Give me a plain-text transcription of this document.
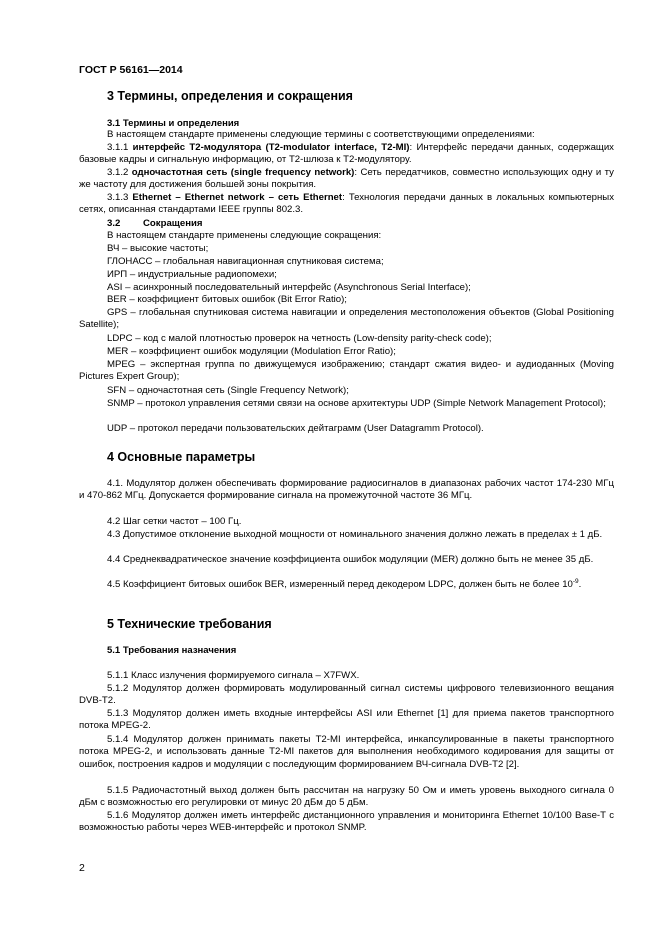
ГОСТ Р 56161—2014
3 Термины, определения и сокращения
3.1 Термины и определения
В настоящем стандарте применены следующие термины с соответствующими определениями:
3.1.1 интерфейс Т2-модулятора (T2-modulator interface, T2-MI): Интерфейс передачи данных, содержащих базовые кадры и сигнальную информацию, от Т2-шлюза к Т2-модулятору.
3.1.2 одночастотная сеть (single frequency network): Сеть передатчиков, совместно использующих одну и ту же частоту для достижения большей зоны покрытия.
3.1.3 Ethernet – Ethernet network – сеть Ethernet: Технология передачи данных в локальных компьютерных сетях, описанная стандартами IEEE группы 802.3.
3.2 Сокращения
В настоящем стандарте применены следующие сокращения:
ВЧ – высокие частоты;
ГЛОНАСС – глобальная навигационная спутниковая система;
ИРП – индустриальные радиопомехи;
ASI – асинхронный последовательный интерфейс (Asynchronous Serial Interface);
BER – коэффициент битовых ошибок (Bit Error Ratio);
GPS – глобальная спутниковая система навигации и определения местоположения объектов (Global Positioning Satellite);
LDPC – код с малой плотностью проверок на четность (Low-density parity-check code);
MER – коэффициент ошибок модуляции (Modulation Error Ratio);
MPEG – экспертная группа по движущемуся изображению; стандарт сжатия видео- и аудиоданных (Moving Pictures Expert Group);
SFN – одночастотная сеть (Single Frequency Network);
SNMP – протокол управления сетями связи на основе архитектуры UDP (Simple Network Management Protocol);
UDP – протокол передачи пользовательских дейтаграмм (User Datagramm Protocol).
4 Основные параметры
4.1. Модулятор должен обеспечивать формирование радиосигналов в диапазонах рабочих частот 174-230 МГц и 470-862 МГц. Допускается формирование сигнала на промежуточной частоте 36 МГц.
4.2 Шаг сетки частот – 100 Гц.
4.3 Допустимое отклонение выходной мощности от номинального значения должно лежать в пределах ± 1 дБ.
4.4 Среднеквадратическое значение коэффициента ошибок модуляции (MER) должно быть не менее 35 дБ.
4.5 Коэффициент битовых ошибок BER, измеренный перед декодером LDPC, должен быть не более $10^{-9}$.
5 Технические требования
5.1 Требования назначения
5.1.1 Класс излучения формируемого сигнала – X7FWX.
5.1.2 Модулятор должен формировать модулированный сигнал системы цифрового телевизионного вещания DVB-T2.
5.1.3 Модулятор должен иметь входные интерфейсы ASI или Ethernet [1] для приема пакетов транспортного потока MPEG-2.
5.1.4 Модулятор должен принимать пакеты T2-MI интерфейса, инкапсулированные в пакеты транспортного потока MPEG-2, и использовать данные T2-MI пакетов для выполнения необходимого кодирования для защиты от ошибок, построения кадров и модуляции с последующим формированием ВЧ-сигнала DVB-T2 [2].
5.1.5 Радиочастотный выход должен быть рассчитан на нагрузку 50 Ом и иметь уровень выходного сигнала 0 дБм с возможностью его регулировки от минус 20 дБм до 5 дБм.
5.1.6 Модулятор должен иметь интерфейс дистанционного управления и мониторинга Ethernet 10/100 Base-T с возможностью работы через WEB-интерфейс и протокол SNMP.
2
